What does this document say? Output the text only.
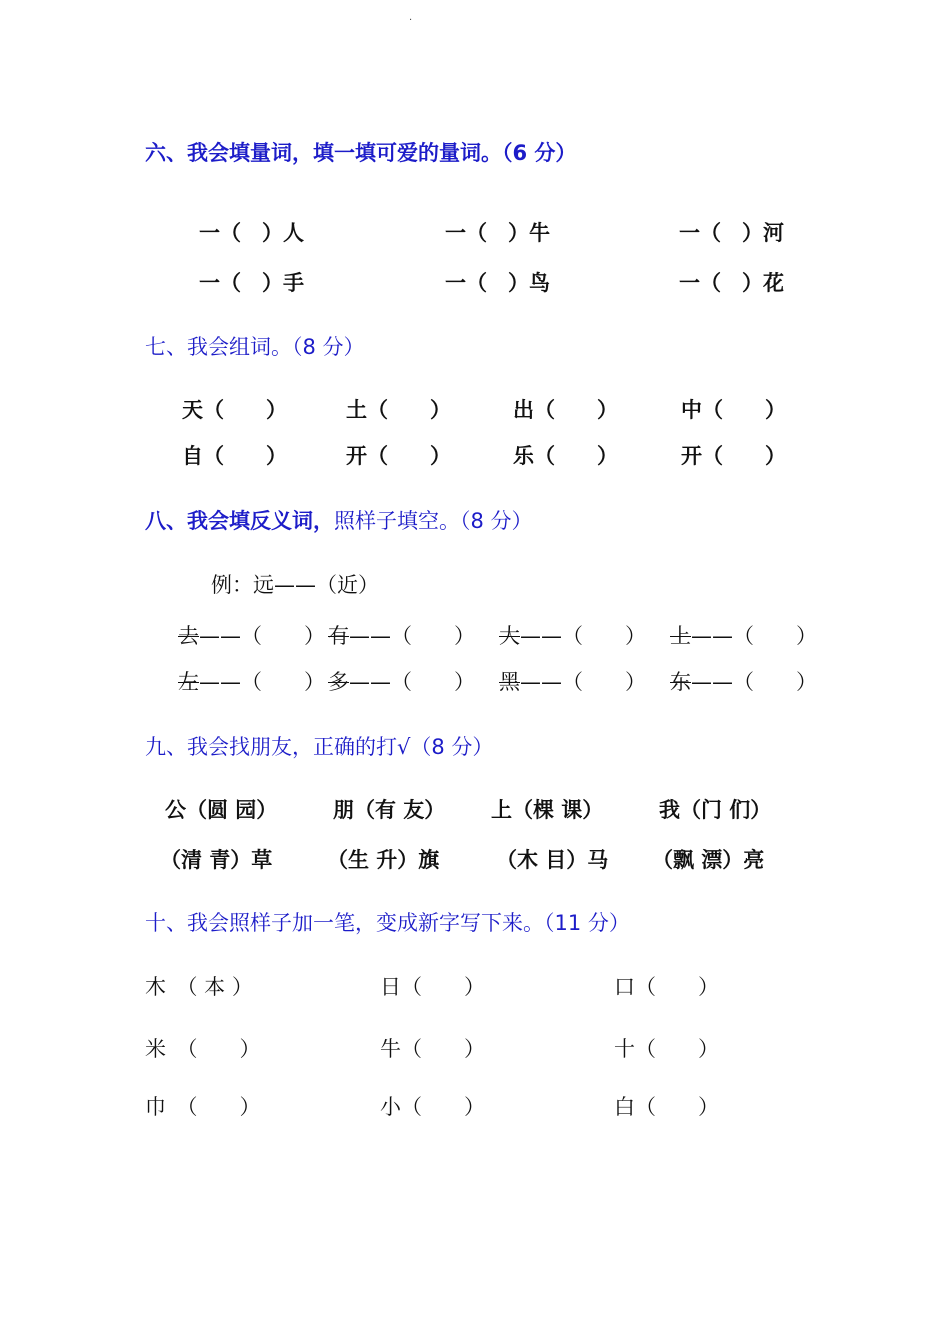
.
六、我会填量词，填一填可爱的量词。（6 分）
一（　）人	一（　）牛	一（　）河
一（　）手	一（　）鸟	一（　）花
七、我会组词。（8 分）
天（　　）	土（　　）	出（　　）	中（　　）
自（　　）	开（　　）	乐（　　）	开（　　）
八、我会填反义词，照样子填空。（8 分）
例：远——（近）
去——（　　） 有——（　　） 大——（　　） 上——（　　）
左——（　　） 多——（　　） 黑——（　　） 东——（　　）
九、我会找朋友，正确的打√（8 分）
公（圆 园）	朋（有 友） 上（棵 课）	我（门 们）
（清 青）草	（生 升）旗	（木 目）马 （飘 漂）亮
十、我会照样子加一笔，变成新字写下来。（11 分）
木　（ 本 ）	日（　　）	口（　　）
米　（　　）	牛（　　）	十（　　）
巾　（　　）	小（　　）	白（　　）
